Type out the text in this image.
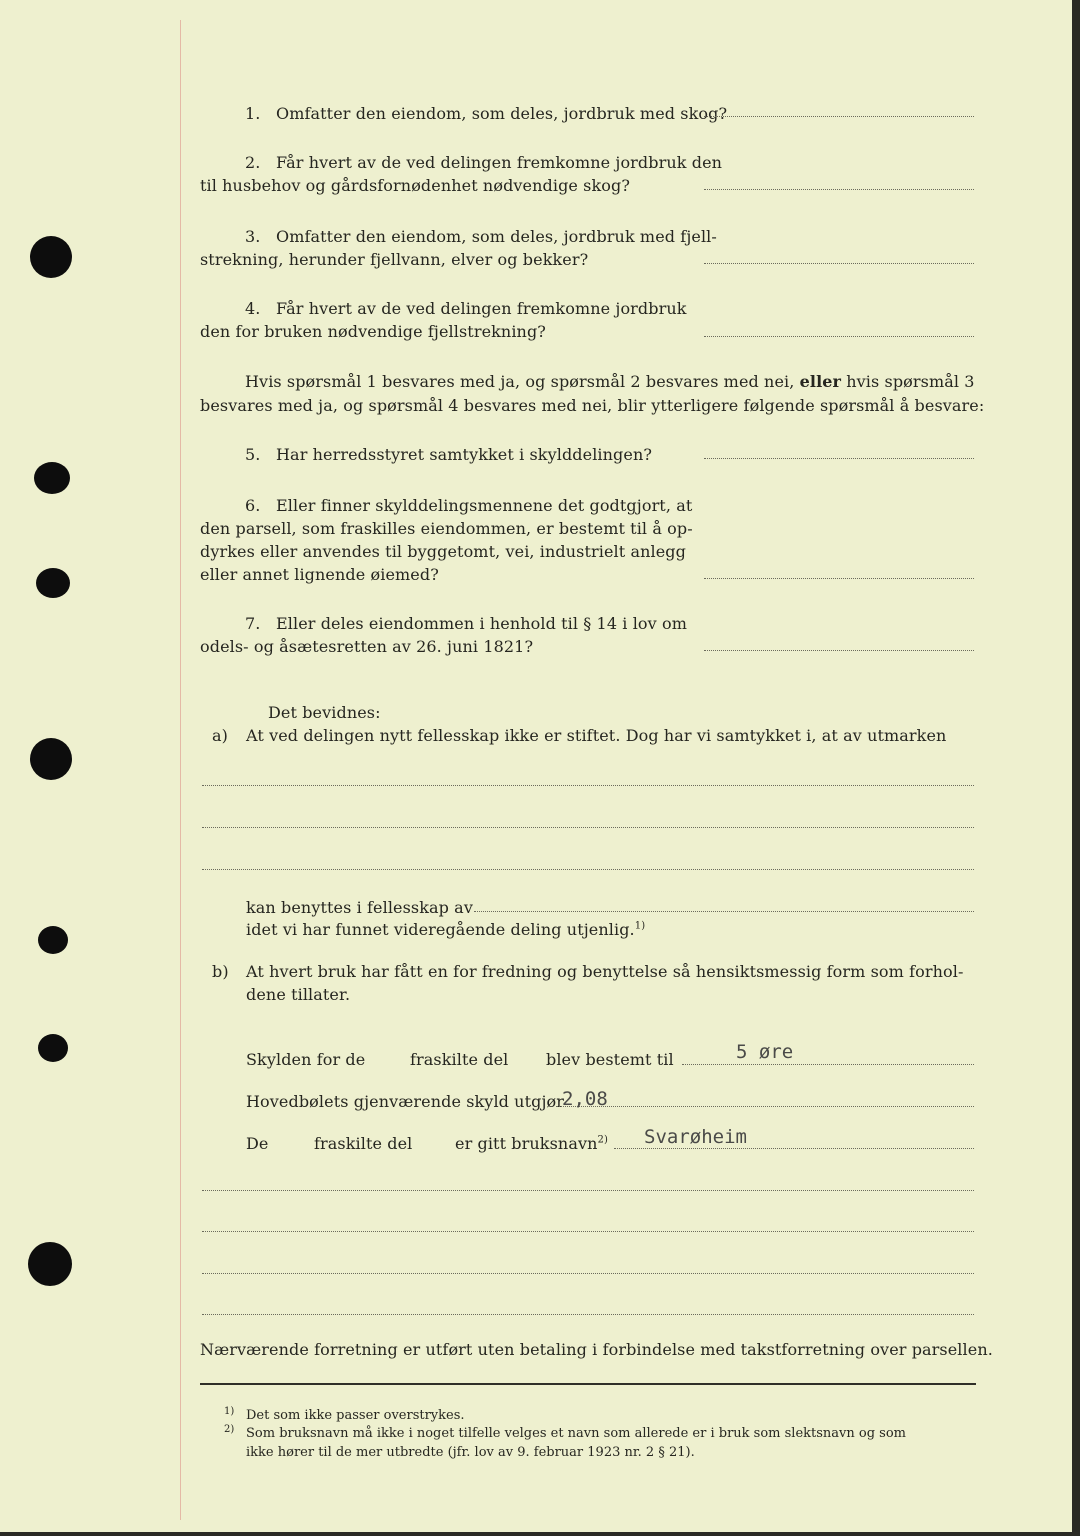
1. Omfatter den eiendom, som deles, jordbruk med skog?
2. Får hvert av de ved delingen fremkomne jordbruk den
til husbehov og gårdsfornødenhet nødvendige skog?
3. Omfatter den eiendom, som deles, jordbruk med fjell-
strekning, herunder fjellvann, elver og bekker?
4. Får hvert av de ved delingen fremkomne jordbruk
den for bruken nødvendige fjellstrekning?
Hvis spørsmål 1 besvares med ja, og spørsmål 2 besvares med nei, eller hvis spørsmål 3
besvares med ja, og spørsmål 4 besvares med nei, blir ytterligere følgende spørsmål å besvare:
5. Har herredsstyret samtykket i skylddelingen?
6. Eller finner skylddelingsmennene det godtgjort, at
den parsell, som fraskilles eiendommen, er bestemt til å op-
dyrkes eller anvendes til byggetomt, vei, industrielt anlegg
eller annet lignende øiemed?
7. Eller deles eiendommen i henhold til § 14 i lov om
odels- og åsætesretten av 26. juni 1821?
Det bevidnes:
a) At ved delingen nytt fellesskap ikke er stiftet. Dog har vi samtykket i, at av utmarken
kan benyttes i fellesskap av
idet vi har funnet videregående deling utjenlig.$^{1)}$
b) At hvert bruk har fått en for fredning og benyttelse så hensiktsmessig form som forhol-
dene tillater.
Skylden for de	fraskilte del blev bestemt til	5 øre
Hovedbølets gjenværende skyld utgjør
2,08
De	fraskilte del	er gitt bruksnavn$^{2)}$ Svarøheim
Nærværende forretning er utført uten betaling i forbindelse med takstforretning over parsellen.
1) Det som ikke passer overstrykes.
2) Som bruksnavn må ikke i noget tilfelle velges et navn som allerede er i bruk som slektsnavn og som
ikke hører til de mer utbredte (jfr. lov av 9. februar 1923 nr. 2 § 21).
